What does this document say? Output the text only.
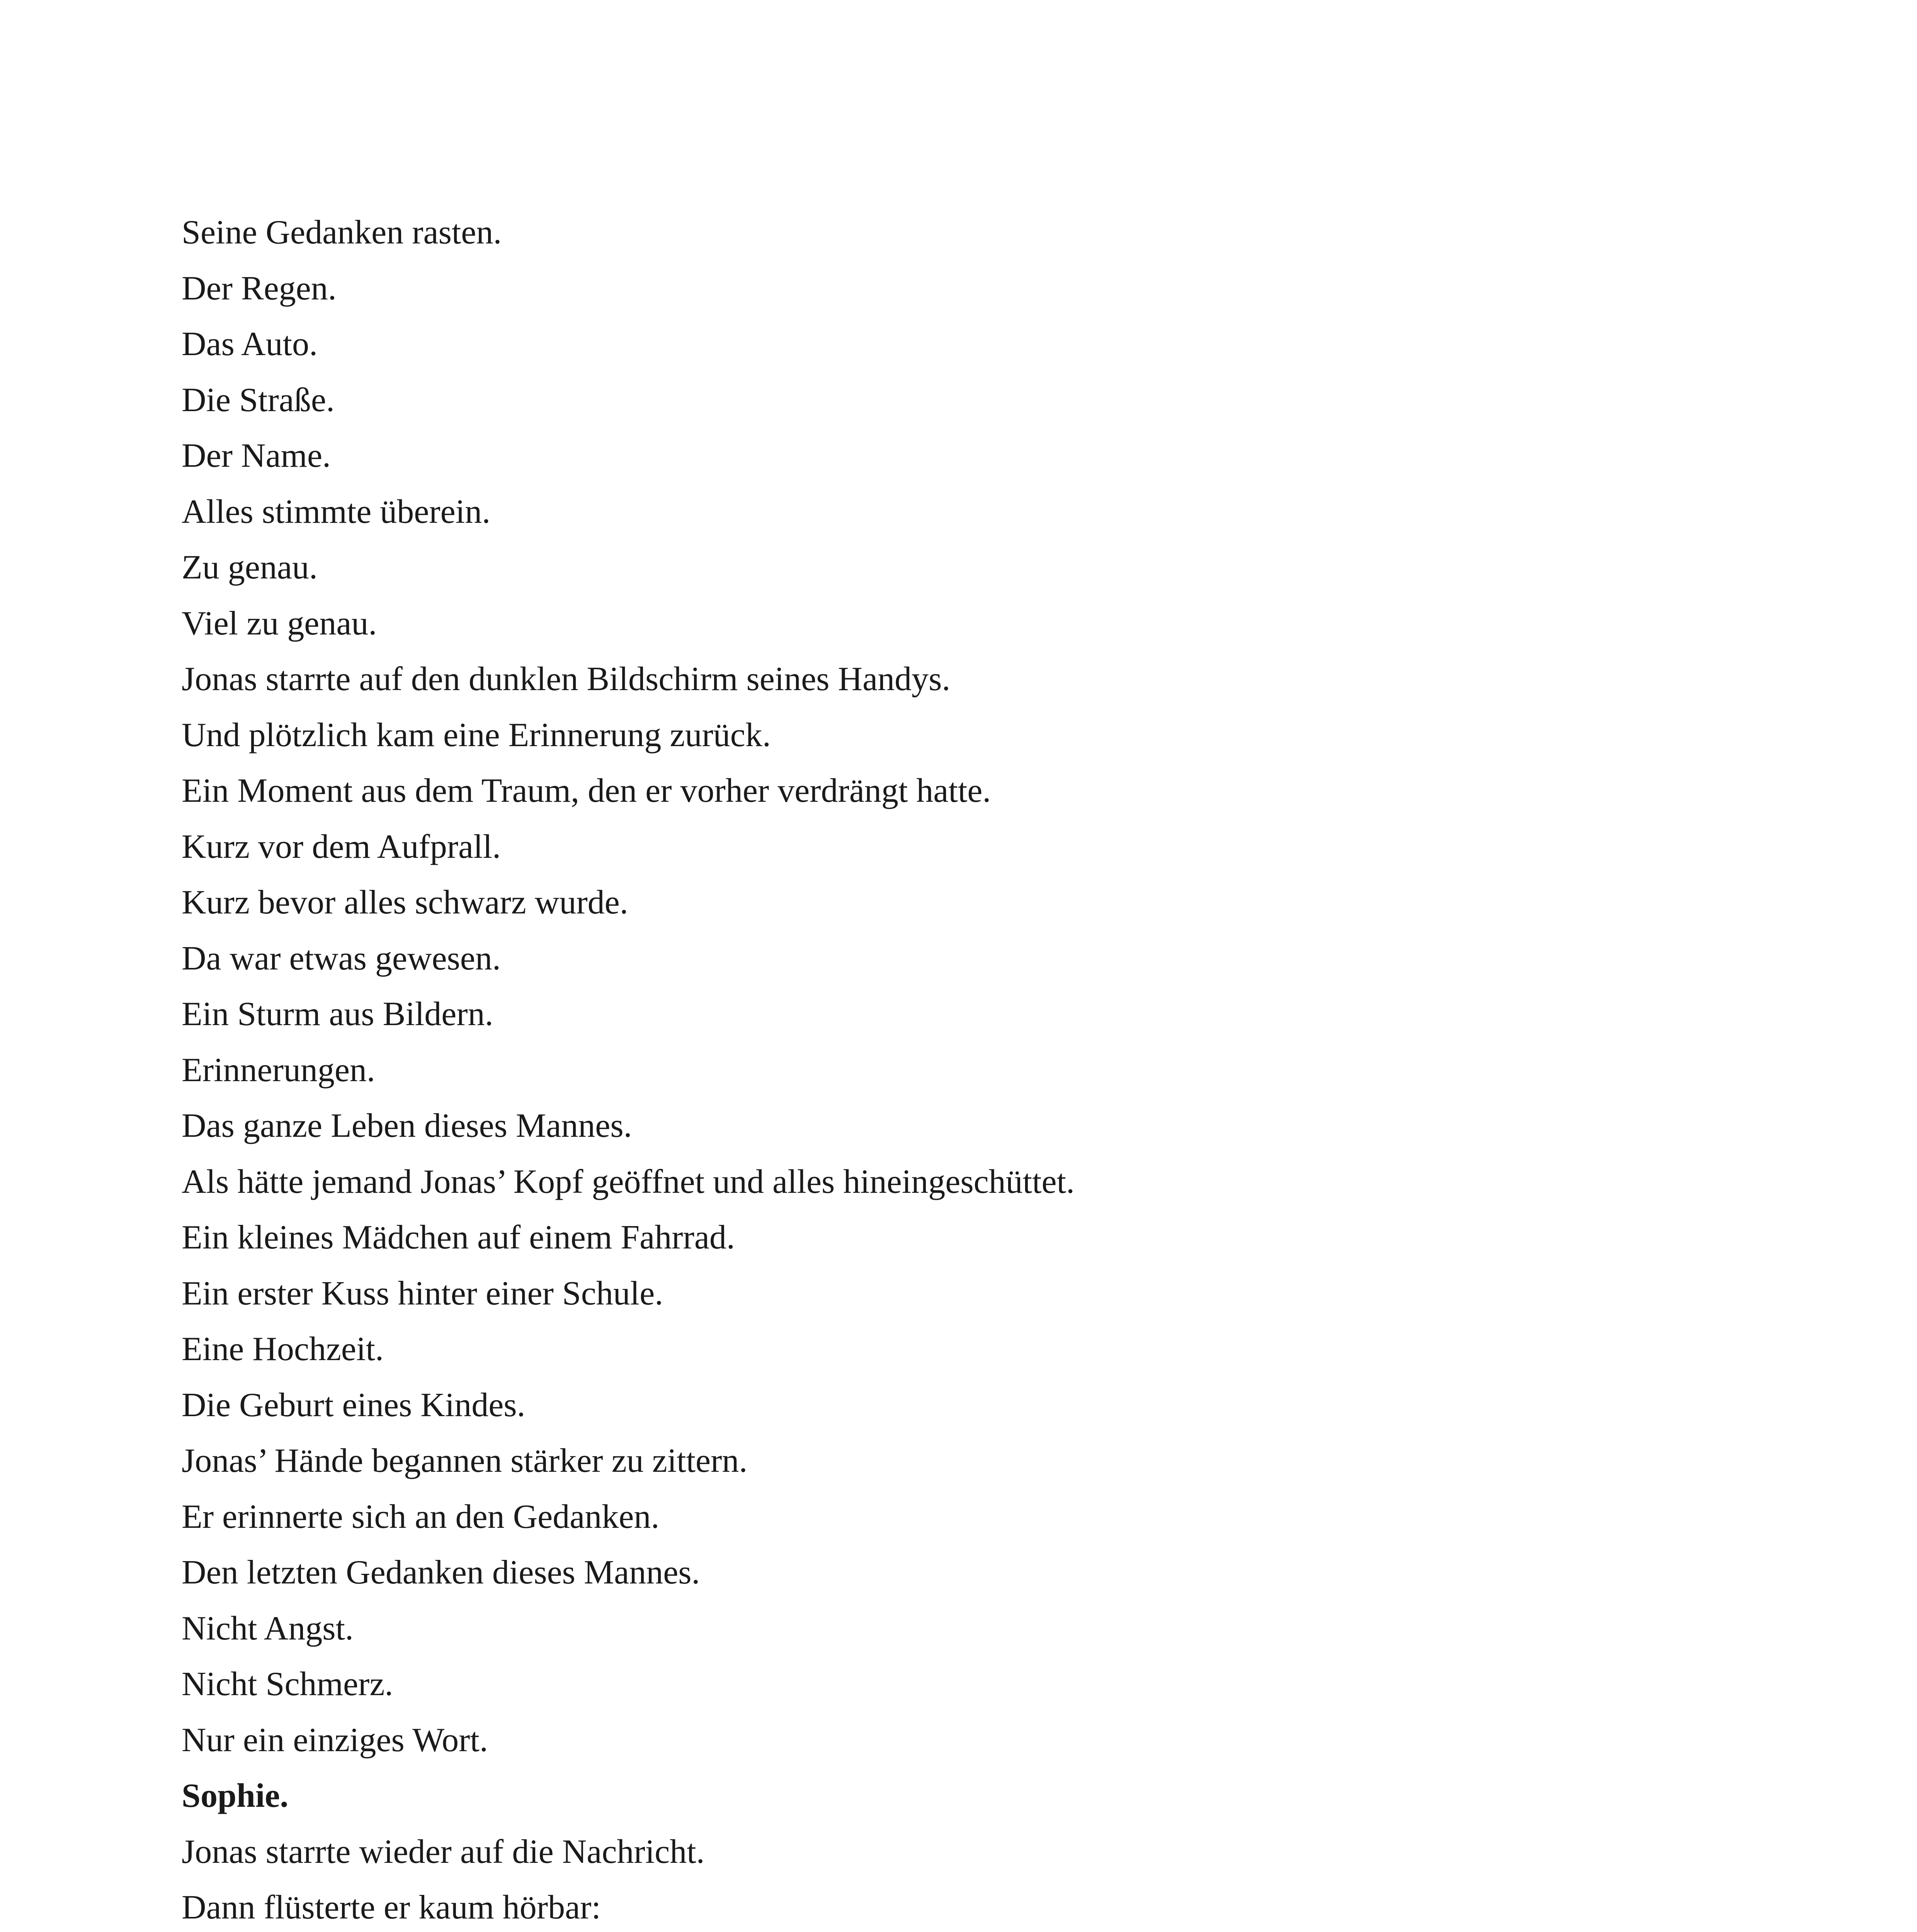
Seine Gedanken rasten.

Der Regen.

Das Auto.

Die Straße.

Der Name.

Alles stimmte überein.

Zu genau.

Viel zu genau.

Jonas starrte auf den dunklen Bildschirm seines Handys.

Und plötzlich kam eine Erinnerung zurück.

Ein Moment aus dem Traum, den er vorher verdrängt hatte.

Kurz vor dem Aufprall.

Kurz bevor alles schwarz wurde.

Da war etwas gewesen.

Ein Sturm aus Bildern.

Erinnerungen.

Das ganze Leben dieses Mannes.

Als hätte jemand Jonas’ Kopf geöffnet und alles hineingeschüttet.

Ein kleines Mädchen auf einem Fahrrad.

Ein erster Kuss hinter einer Schule.

Eine Hochzeit.

Die Geburt eines Kindes.

Jonas’ Hände begannen stärker zu zittern.

Er erinnerte sich an den Gedanken.

Den letzten Gedanken dieses Mannes.

Nicht Angst.

Nicht Schmerz.

Nur ein einziges Wort.

Sophie.

Jonas starrte wieder auf die Nachricht.

Dann flüsterte er kaum hörbar:
